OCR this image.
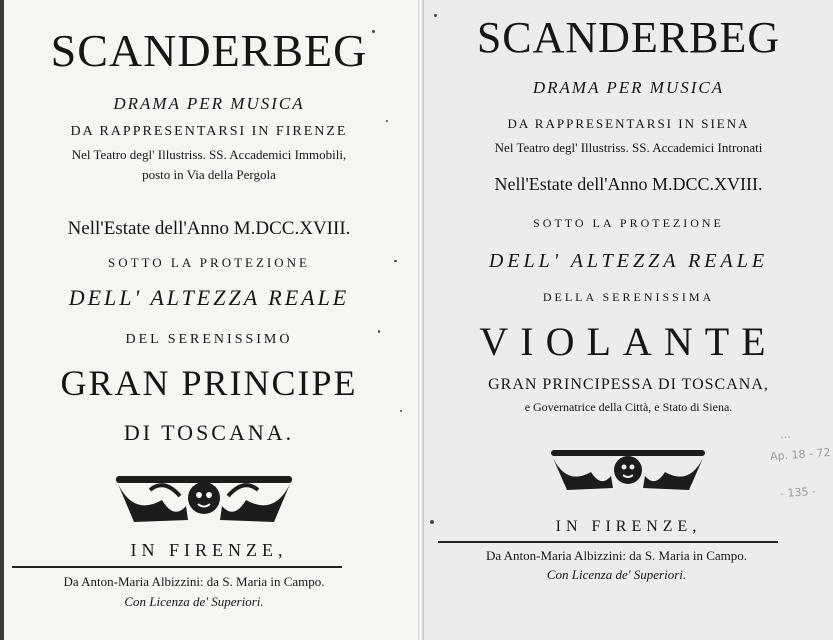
SCANDERBEG
DRAMA PER MUSICA
DA RAPPRESENTARSI IN FIRENZE
Nel Teatro degl' Illustriss. SS. Accademici Immobili,
posto in Via della Pergola
Nell'Estate dell'Anno M.DCC.XVIII.
SOTTO LA PROTEZIONE
DELL' ALTEZZA REALE
DEL SERENISSIMO
GRAN PRINCIPE
DI TOSCANA.
IN FIRENZE,
Da Anton-Maria Albizzini: da S. Maria in Campo.
Con Licenza de' Superiori.
SCANDERBEG
DRAMA PER MUSICA
DA RAPPRESENTARSI IN SIENA
Nel Teatro degl' Illustriss. SS. Accademici Intronati
Nell'Estate dell'Anno M.DCC.XVIII.
SOTTO LA PROTEZIONE
DELL' ALTEZZA REALE
DELLA SERENISSIMA
VIOLANTE
GRAN PRINCIPESSA DI TOSCANA,
e Governatrice della Città, e Stato di Siena.
...
Ap. 18 - 72
- 135 -
IN FIRENZE,
Da Anton-Maria Albizzini: da S. Maria in Campo.
Con Licenza de' Superiori.
